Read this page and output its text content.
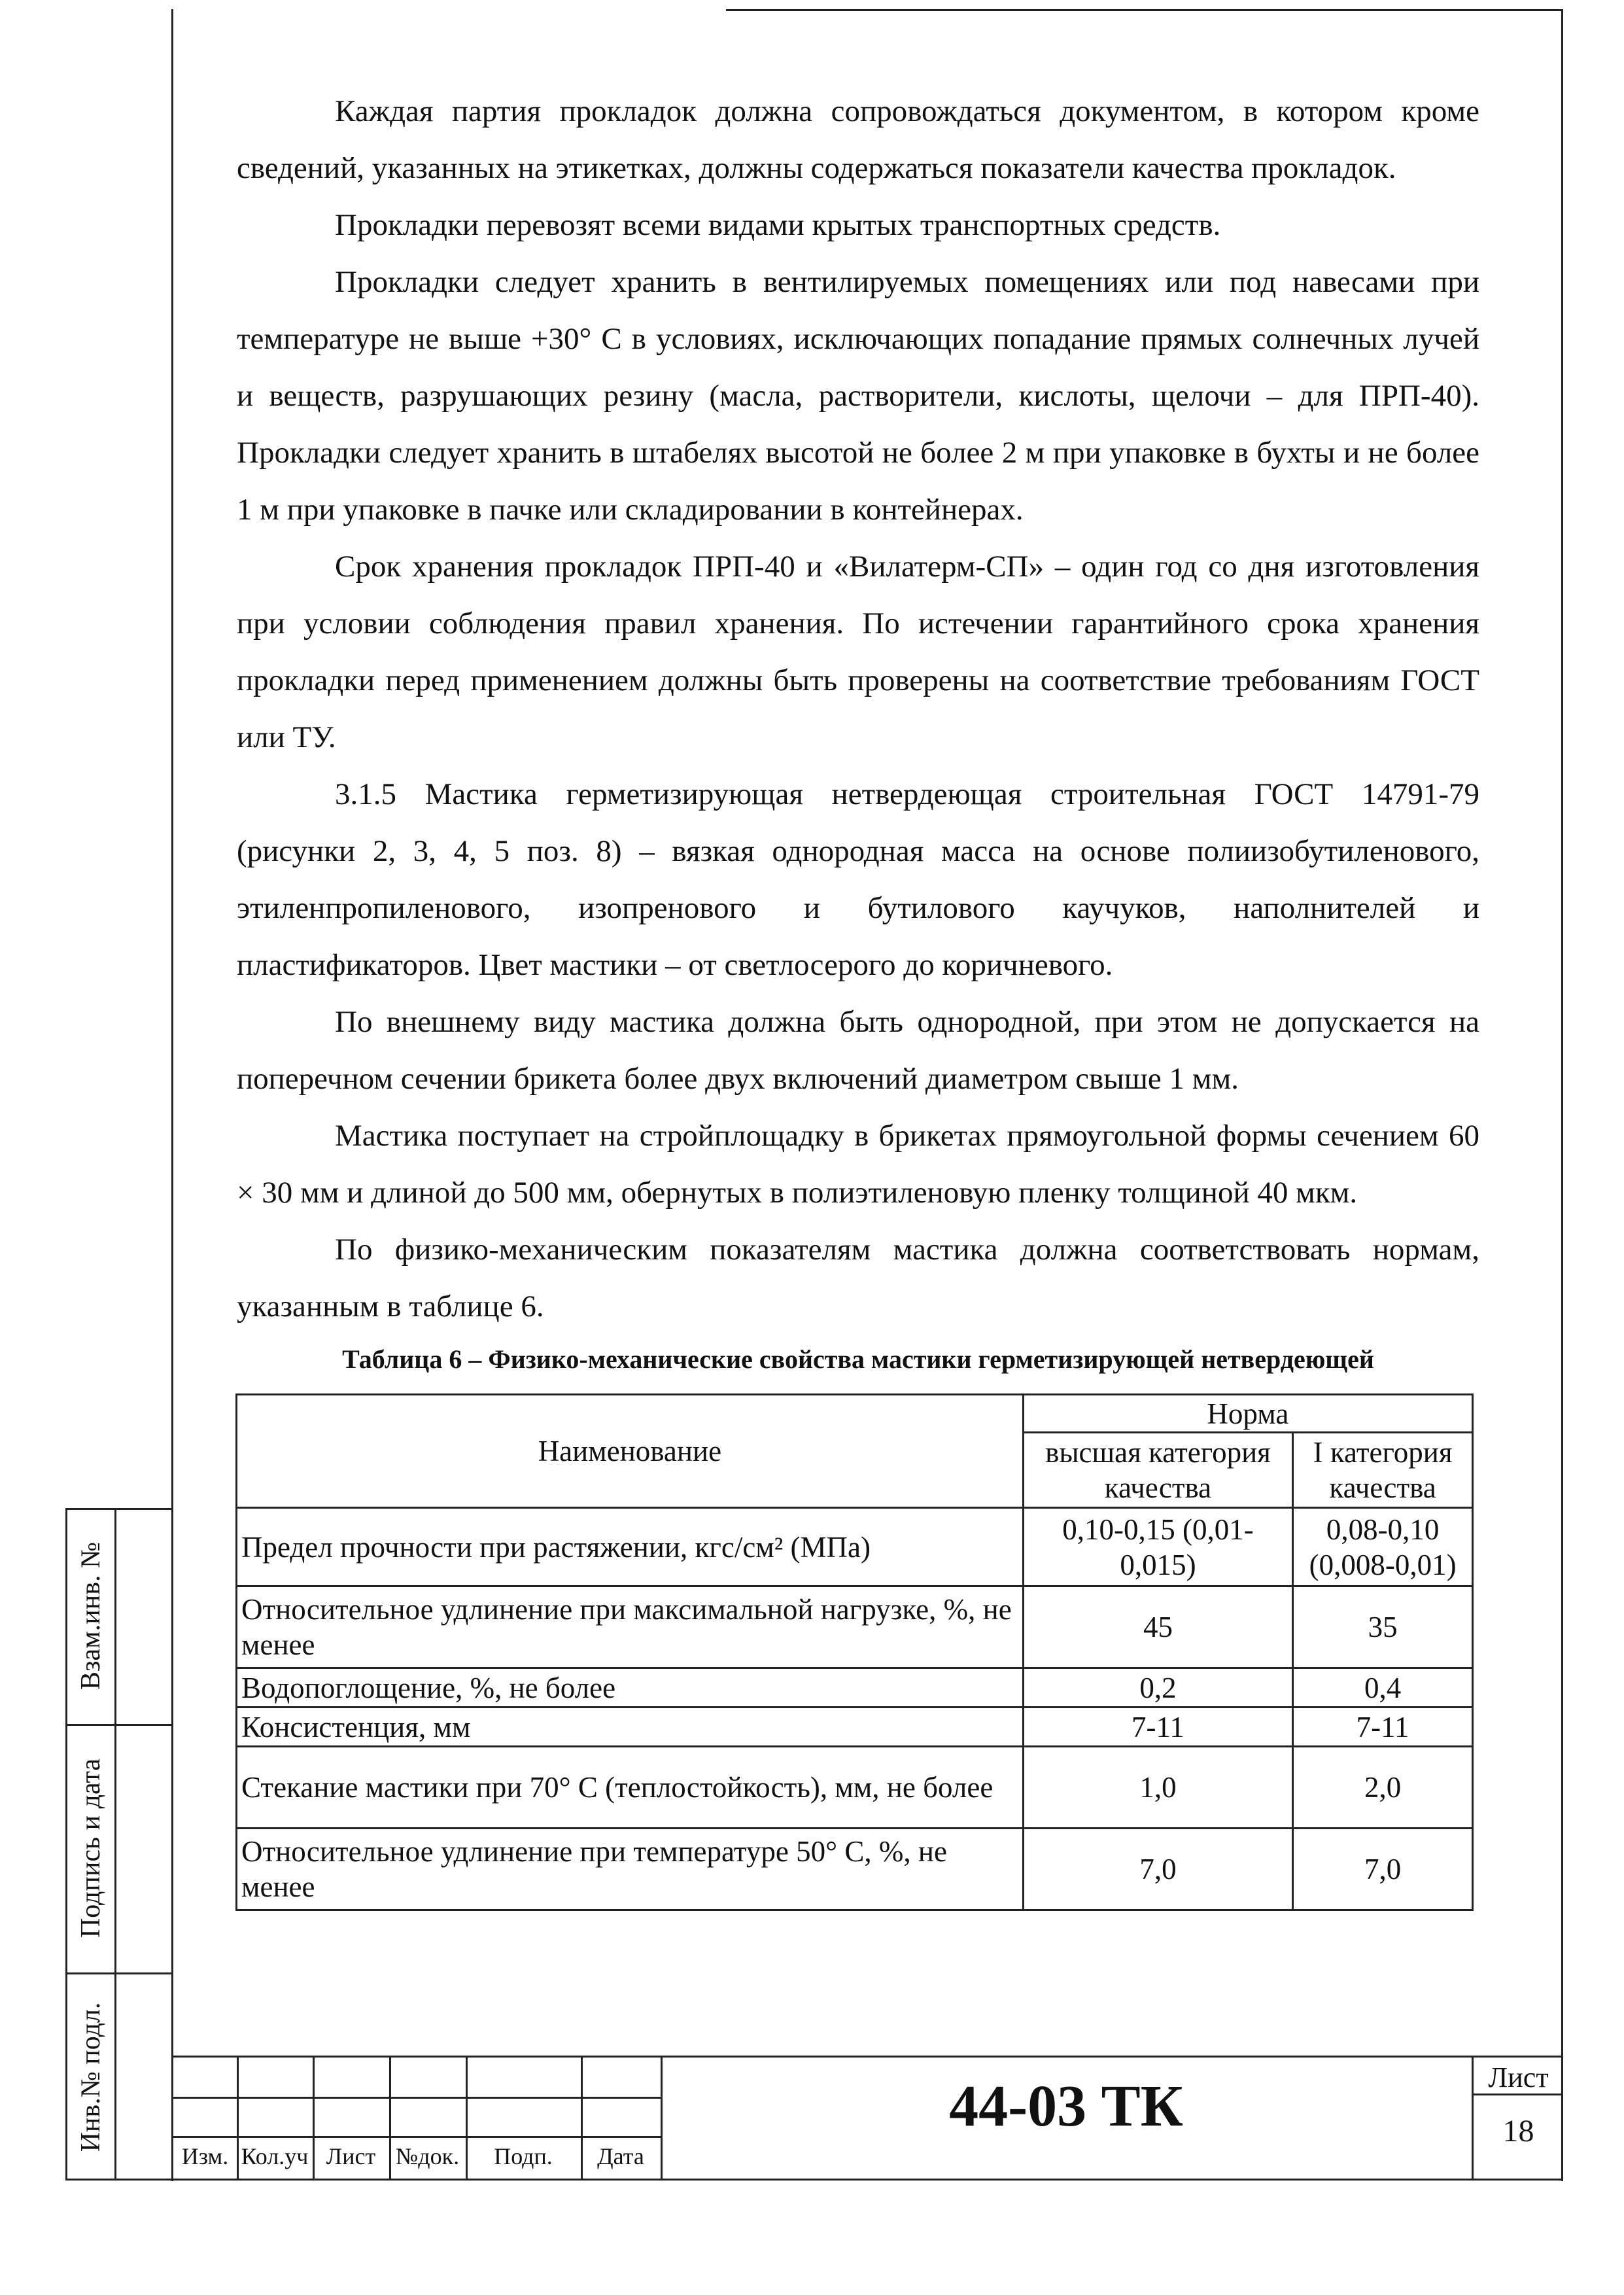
Взам.инв. №
Подпись и дата
Инв.№ подл.

Каждая партия прокладок должна сопровождаться документом, в котором кроме сведений, указанных на этикетках, должны содержаться показатели качества прокладок.

Прокладки перевозят всеми видами крытых транспортных средств.

Прокладки следует хранить в вентилируемых помещениях или под навесами при температуре не выше +30° С в условиях, исключающих попадание прямых солнечных лучей и веществ, разрушающих резину (масла, растворители, кислоты, щелочи – для ПРП-40). Прокладки следует хранить в штабелях высотой не более 2 м при упаковке в бухты и не более 1 м при упаковке в пачке или складировании в контейнерах.

Срок хранения прокладок ПРП-40 и «Вилатерм-СП» – один год со дня изготовления при условии соблюдения правил хранения. По истечении гарантийного срока хранения прокладки перед применением должны быть проверены на соответствие требованиям ГОСТ или ТУ.

3.1.5 Мастика герметизирующая нетвердеющая строительная ГОСТ 14791-79 (рисунки 2, 3, 4, 5 поз. 8) – вязкая однородная масса на основе полиизобутиленового, этиленпропиленового, изопренового и бутилового каучуков, наполнителей и пластификаторов. Цвет мастики – от светлосерого до коричневого.

По внешнему виду мастика должна быть однородной, при этом не допускается на поперечном сечении брикета более двух включений диаметром свыше 1 мм.

Мастика поступает на стройплощадку в брикетах прямоугольной формы сечением 60 × 30 мм и длиной до 500 мм, обернутых в полиэтиленовую пленку толщиной 40 мкм.

По физико-механическим показателям мастика должна соответствовать нормам, указанным в таблице 6.

Таблица 6 – Физико-механические свойства мастики герметизирующей нетвердеющей
Наименование	Норма	
	высшая категория качества	I категория качества
Предел прочности при растяжении, кгс/см² (МПа)	0,10-0,15 (0,01-0,015)	0,08-0,10 (0,008-0,01)
Относительное удлинение при максимальной нагрузке, %, не менее	45	35
Водопоглощение, %, не более	0,2	0,4
Консистенция, мм	7-11	7-11
Стекание мастики при 70° С (теплостойкость), мм, не более	1,0	2,0
Относительное удлинение при температуре 50° С, %, не менее	7,0	7,0
Изм. Кол.уч Лист №док.	Подп.	Дата
44-03 ТК	Лист
18
